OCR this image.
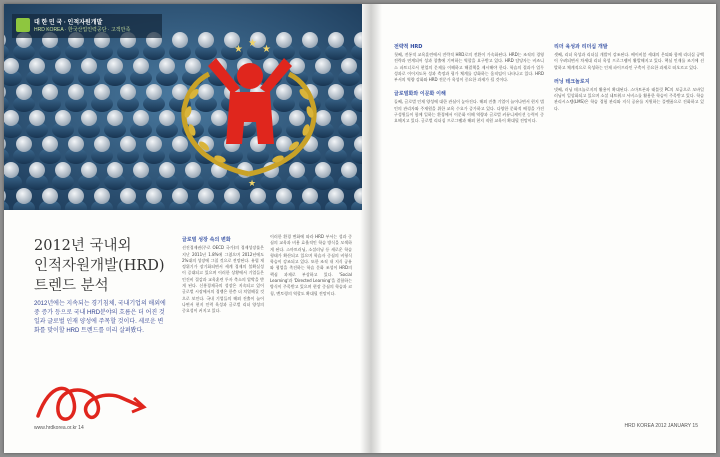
★
★
★
★
대 한 민 국 · 인적자원개발
HRD KOREA · 한국산업인력공단 · 고객만족
2012년 국내외
인적자원개발(HRD)
트렌드 분석
2012년에는 지속되는 경기침체, 국내기업의 해외에 중 증가 등으로 국내 HRD분야의 흐름은 더 어진 것 일과 글로벌 인재 양성에 주목할 것이다. 세로운 변화를 맞이할 HRD 트렌드를 미리 살펴봤다.
글로벌 성장 속의 변화
선진경제권(주로 OECD 국가)의 경제성장률은 지난 2011년 1.8%에 그쳤으며 2012년에도 2%대의 성장에 그칠 것으로 전망된다. 유럽 재정위기가 장기화되면서 세계 경제의 불확실성이 증대되고 있으며 이러한 상황에서 기업들은 인건비 절감과 교육훈련 투자 축소의 압박을 받게 된다. 신흥경제국의 성장은 지속되고 있어 글로벌 시장에서의 경쟁은 한층 더 치열해질 것으로 보인다. 국내 기업들의 해외 진출이 늘어나면서 현지 인력 육성과 글로벌 리더 양성의 중요성이 커지고 있다.
이러한 환경 변화에 따라 HRD 부서는 성과 중심의 교육과 비용 효율적인 학습 방식을 모색하게 된다. 스마트러닝, 소셜러닝 등 새로운 학습 형태가 확산되고 있으며 학습자 중심의 비형식 학습이 강조되고 있다. 또한 조직 내 지식 공유와 협업을 촉진하는 학습 문화 조성이 HRD의 핵심 과제로 부상하고 있다. 'Social Learning'과 'Directed Learning'을 결합하는 방식이 주목받고 있으며 현장 중심의 학습과 코칭, 멘토링의 역할도 확대될 전망이다.
www.hrdkorea.or.kr 14
전략적 HRD
첫째, 전통적 교육훈련에서 전략적 HRD로의 전환이 가속화된다. HRD는 조직의 경영전략과 연계되어 성과 창출에 기여하는 역할을 요구받고 있다. HRD 담당자는 비즈니스 파트너로서 현업의 문제를 이해하고 해결책을 제시해야 한다. 학습의 결과가 업무 성과로 이어지도록 성과 측정과 평가 체계를 강화하는 움직임이 나타나고 있다. HRD 부서의 역량 강화와 HRD 전문가 육성이 중요한 과제가 될 것이다.
글로벌화와 이문화 이해
둘째, 글로벌 인재 양성에 대한 관심이 높아진다. 해외 진출 기업이 늘어나면서 현지 법인의 관리자와 주재원을 위한 교육 수요가 증가하고 있다. 다양한 문화적 배경을 가진 구성원들이 함께 일하는 환경에서 이문화 이해 역량과 글로벌 커뮤니케이션 능력이 중요해지고 있다. 글로벌 리더십 프로그램과 해외 현지 직원 교육이 확대될 전망이다.
리더 육성과 리더십 개발
셋째, 리더 육성과 리더십 개발이 강조된다. 베이비붐 세대의 은퇴와 함께 리더십 공백이 우려되면서 차세대 리더 육성 프로그램이 활발해지고 있다. 핵심 인재를 조기에 선발하고 체계적으로 육성하는 인재 파이프라인 구축이 중요한 과제로 떠오르고 있다.
러닝 테크놀로지
넷째, 러닝 테크놀로지의 활용이 확대된다. 스마트폰과 태블릿 PC의 보급으로 모바일 러닝이 일상화되고 있으며 소셜 네트워크 서비스를 활용한 학습이 주목받고 있다. 학습관리시스템(LMS)은 학습 경험 관리와 지식 공유를 지원하는 플랫폼으로 진화하고 있다.
HRD KOREA 2012 JANUARY 15
